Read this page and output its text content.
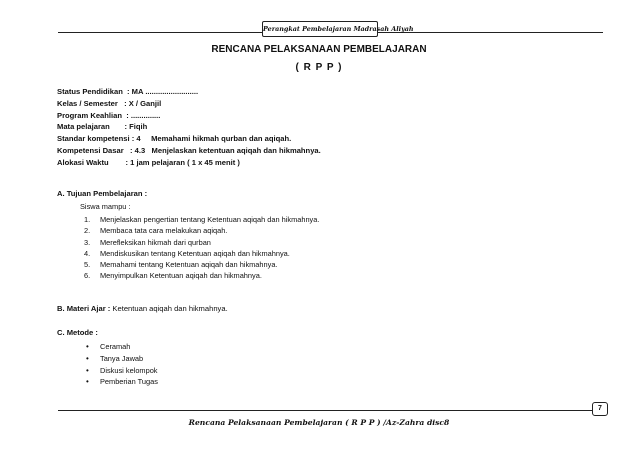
Perangkat Pembelajaran Madrasah Aliyah
RENCANA PELAKSANAAN PEMBELAJARAN
( R P P )
Status Pendidikan  : MA .........................
Kelas / Semester   : X / Ganjil
Program Keahlian  : ..............
Mata pelajaran       : Fiqih
Standar kompetensi : 4     Memahami hikmah qurban dan aqiqah.
Kompetensi Dasar   : 4.3   Menjelaskan ketentuan aqiqah dan hikmahnya.
Alokasi Waktu        : 1 jam pelajaran ( 1 x 45 menit )
A. Tujuan Pembelajaran :
Siswa mampu :
1. Menjelaskan pengertian tentang Ketentuan aqiqah dan hikmahnya.
2. Membaca tata cara melakukan aqiqah.
3. Merefleksikan hikmah dari qurban
4. Mendiskusikan tentang Ketentuan aqiqah dan hikmahnya.
5. Memahami tentang Ketentuan aqiqah dan hikmahnya.
6. Menyimpulkan Ketentuan aqiqah dan hikmahnya.
B. Materi Ajar : Ketentuan aqiqah dan hikmahnya.
C. Metode :
• Ceramah
• Tanya Jawab
• Diskusi kelompok
• Pemberian Tugas
7
Rencana Pelaksanaan Pembelajaran ( R P P ) /Az-Zahra disc8
